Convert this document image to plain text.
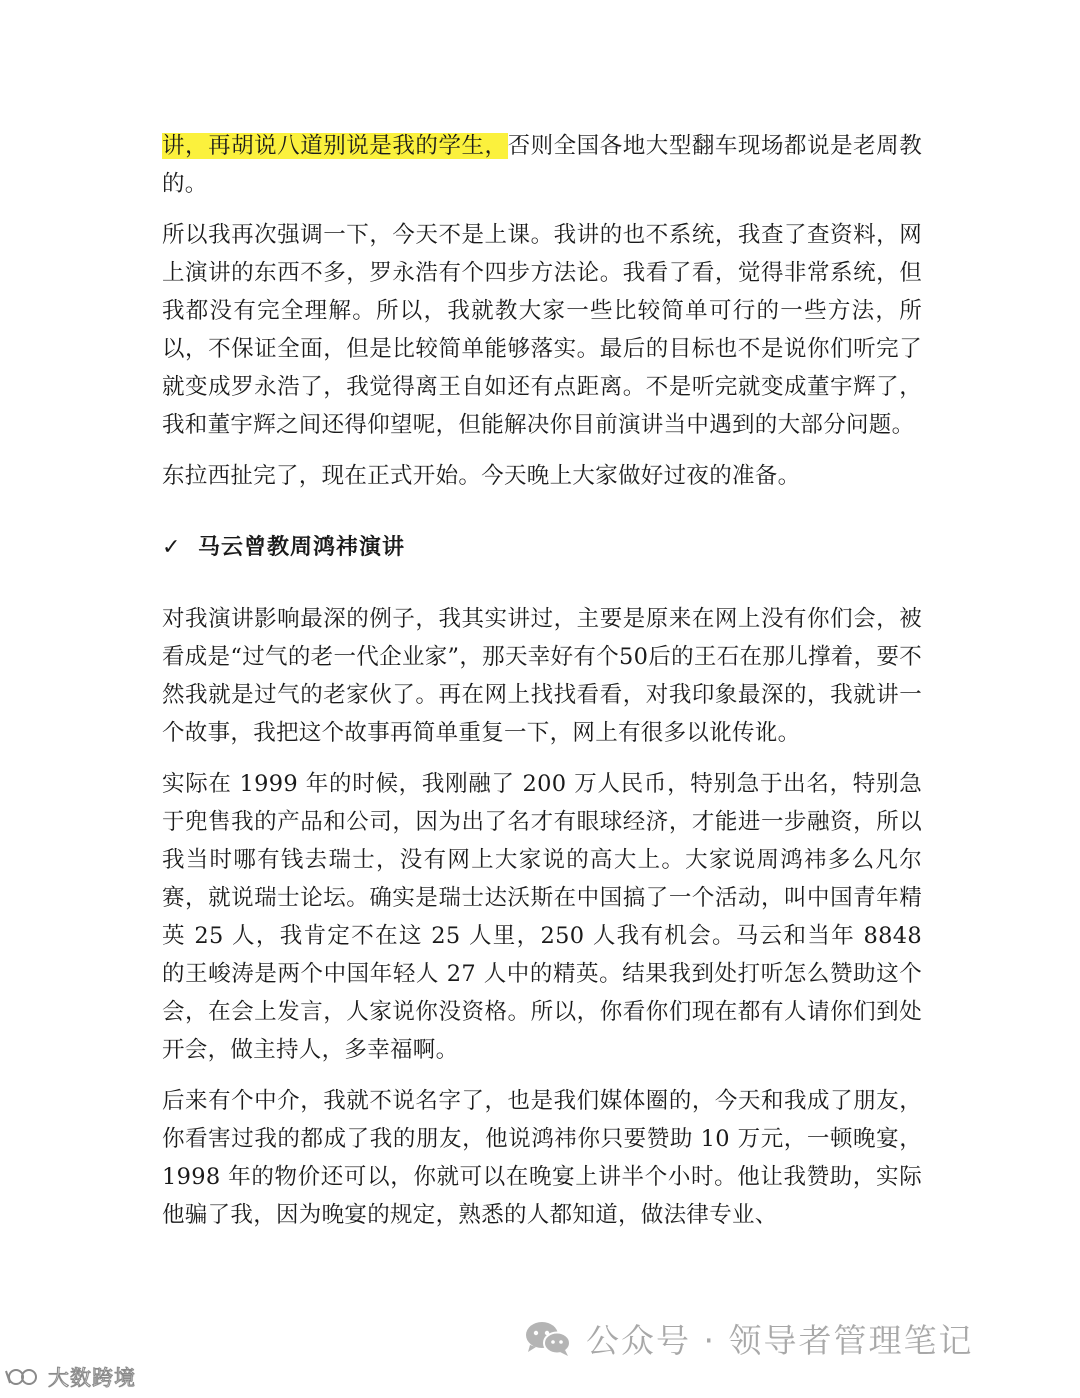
讲，再胡说八道别说是我的学生，否则全国各地大型翻车现场都说是老周教的。

所以我再次强调一下，今天不是上课。我讲的也不系统，我查了查资料，网上演讲的东西不多，罗永浩有个四步方法论。我看了看，觉得非常系统，但我都没有完全理解。所以，我就教大家一些比较简单可行的一些方法，所以，不保证全面，但是比较简单能够落实。最后的目标也不是说你们听完了就变成罗永浩了，我觉得离王自如还有点距离。不是听完就变成董宇辉了，我和董宇辉之间还得仰望呢，但能解决你目前演讲当中遇到的大部分问题。

东拉西扯完了，现在正式开始。今天晚上大家做好过夜的准备。

✓ 马云曾教周鸿祎演讲

对我演讲影响最深的例子，我其实讲过，主要是原来在网上没有你们会，被看成是“过气的老一代企业家”，那天幸好有个50后的王石在那儿撑着，要不然我就是过气的老家伙了。再在网上找找看看，对我印象最深的，我就讲一个故事，我把这个故事再简单重复一下，网上有很多以讹传讹。

实际在 1999 年的时候，我刚融了 200 万人民币，特别急于出名，特别急于兜售我的产品和公司，因为出了名才有眼球经济，才能进一步融资，所以我当时哪有钱去瑞士，没有网上大家说的高大上。大家说周鸿祎多么凡尔赛，就说瑞士论坛。确实是瑞士达沃斯在中国搞了一个活动，叫中国青年精英 25 人，我肯定不在这 25 人里，250 人我有机会。马云和当年 8848 的王峻涛是两个中国年轻人 27 人中的精英。结果我到处打听怎么赞助这个会，在会上发言，人家说你没资格。所以，你看你们现在都有人请你们到处开会，做主持人，多幸福啊。

后来有个中介，我就不说名字了，也是我们媒体圈的，今天和我成了朋友，你看害过我的都成了我的朋友，他说鸿祎你只要赞助 10 万元，一顿晚宴，1998 年的物价还可以，你就可以在晚宴上讲半个小时。他让我赞助，实际他骗了我，因为晚宴的规定，熟悉的人都知道，做法律专业、

公众号 · 领导者管理笔记
大数跨境
